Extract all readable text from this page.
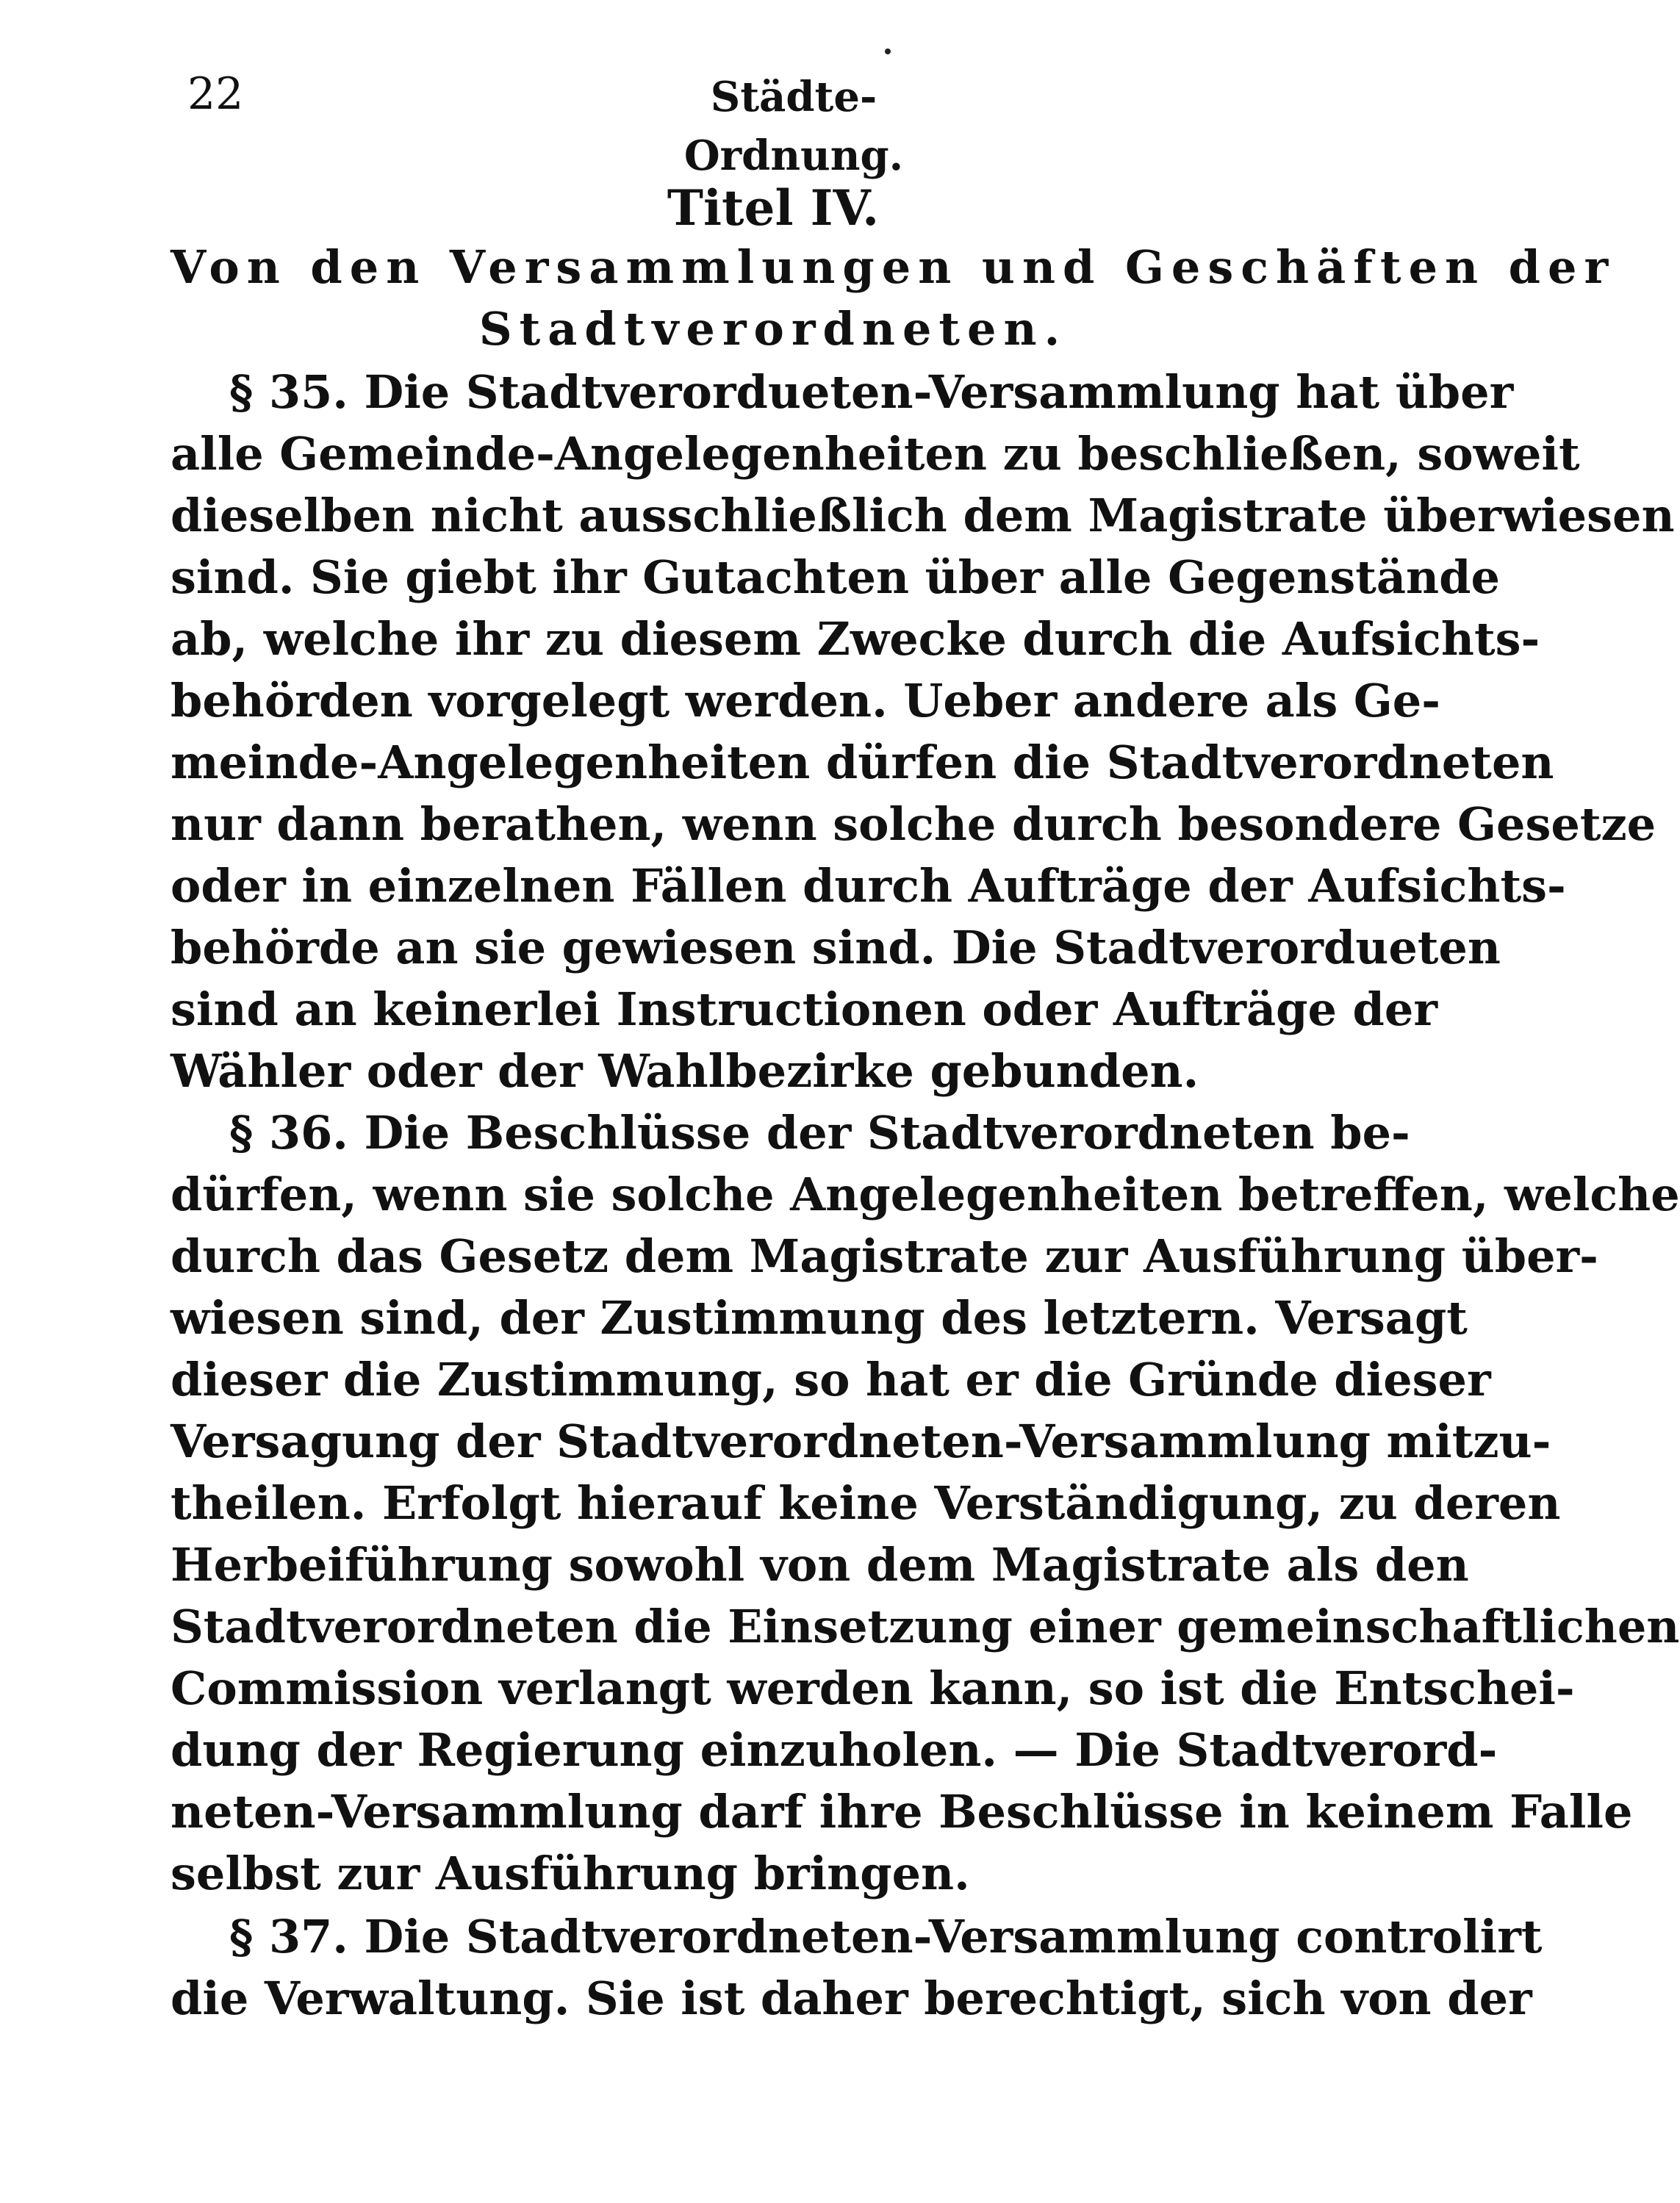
22	Städte-Ordnung.
Titel IV.
Von den Versammlungen und Geschäften der
Stadtverordneten.
§ 35. Die Stadtverorduеten-Versammlung hat über
alle Gemeinde-Angelegenheiten zu beschließen, soweit
dieselben nicht ausschließlich dem Magistrate überwiesen
sind. Sie giebt ihr Gutachten über alle Gegenstände
ab, welche ihr zu diesem Zwecke durch die Aufsichts-
behörden vorgelegt werden. Ueber andere als Ge-
meinde-Angelegenheiten dürfen die Stadtverordneten
nur dann berathen, wenn solche durch besondere Gesetze
oder in einzelnen Fällen durch Aufträge der Aufsichts-
behörde an sie gewiesen sind. Die Stadtverorduеten
sind an keinerlei Instructionen oder Aufträge der
Wähler oder der Wahlbezirke gebunden.
§ 36. Die Beschlüsse der Stadtverordneten be-
dürfen, wenn sie solche Angelegenheiten betreffen, welche
durch das Gesetz dem Magistrate zur Ausführung über-
wiesen sind, der Zustimmung des letztern. Versagt
dieser die Zustimmung, so hat er die Gründe dieser
Versagung der Stadtverordneten-Versammlung mitzu-
theilen. Erfolgt hierauf keine Verständigung, zu deren
Herbeiführung sowohl von dem Magistrate als den
Stadtverordneten die Einsetzung einer gemeinschaftlichen
Commission verlangt werden kann, so ist die Entschei-
dung der Regierung einzuholen. — Die Stadtverord-
neten-Versammlung darf ihre Beschlüsse in keinem Falle
selbst zur Ausführung bringen.
§ 37. Die Stadtverordneten-Versammlung controlirt
die Verwaltung. Sie ist daher berechtigt, sich von der
